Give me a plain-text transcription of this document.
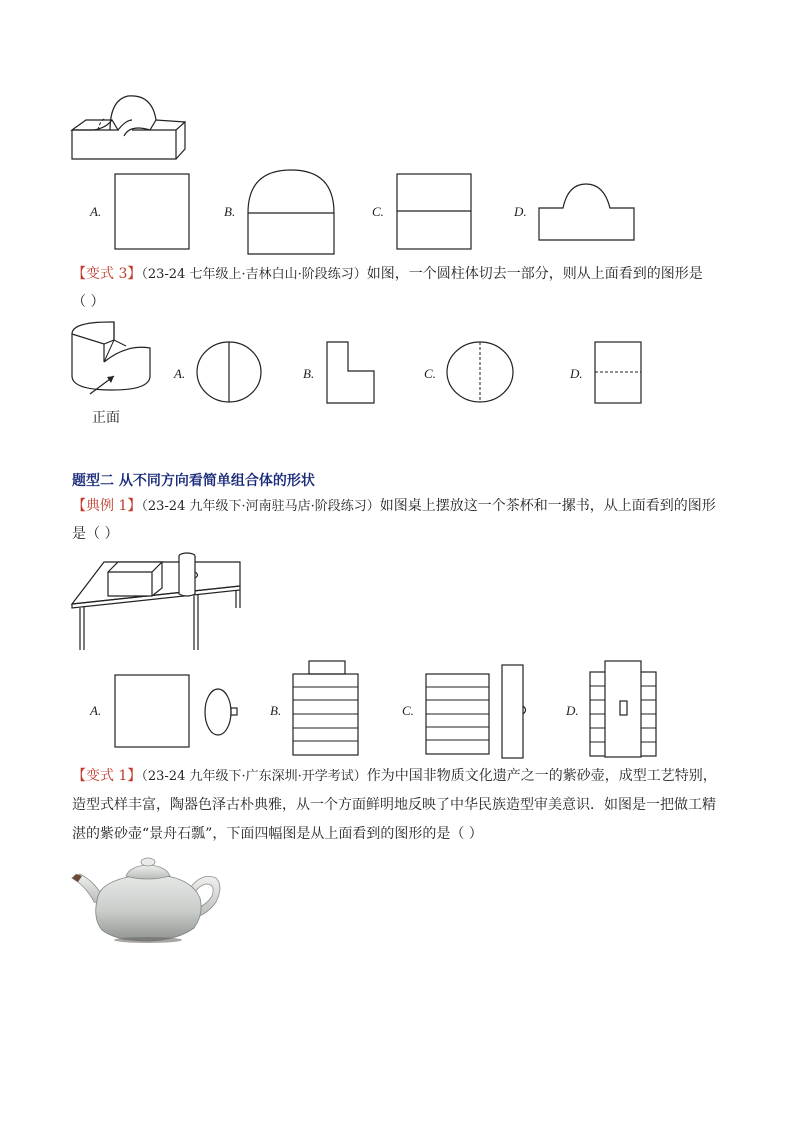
A.	B.	C.	D.
【变式 3】（23-24 七年级上·吉林白山·阶段练习）如图，一个圆柱体切去一部分，则从上面看到的图形是
（ ）
正面
A.	B.	C.	D.
题型二 从不同方向看简单组合体的形状
【典例 1】（23-24 九年级下·河南驻马店·阶段练习）如图桌上摆放这一个茶杯和一摞书，从上面看到的图形
是（ ）
A.	B.	C.	D.
【变式 1】（23-24 九年级下·广东深圳·开学考试）作为中国非物质文化遗产之一的紫砂壶，成型工艺特别，
造型式样丰富，陶器色泽古朴典雅，从一个方面鲜明地反映了中华民族造型审美意识．如图是一把做工精
湛的紫砂壶“景舟石瓢”，下面四幅图是从上面看到的图形的是（ ）
